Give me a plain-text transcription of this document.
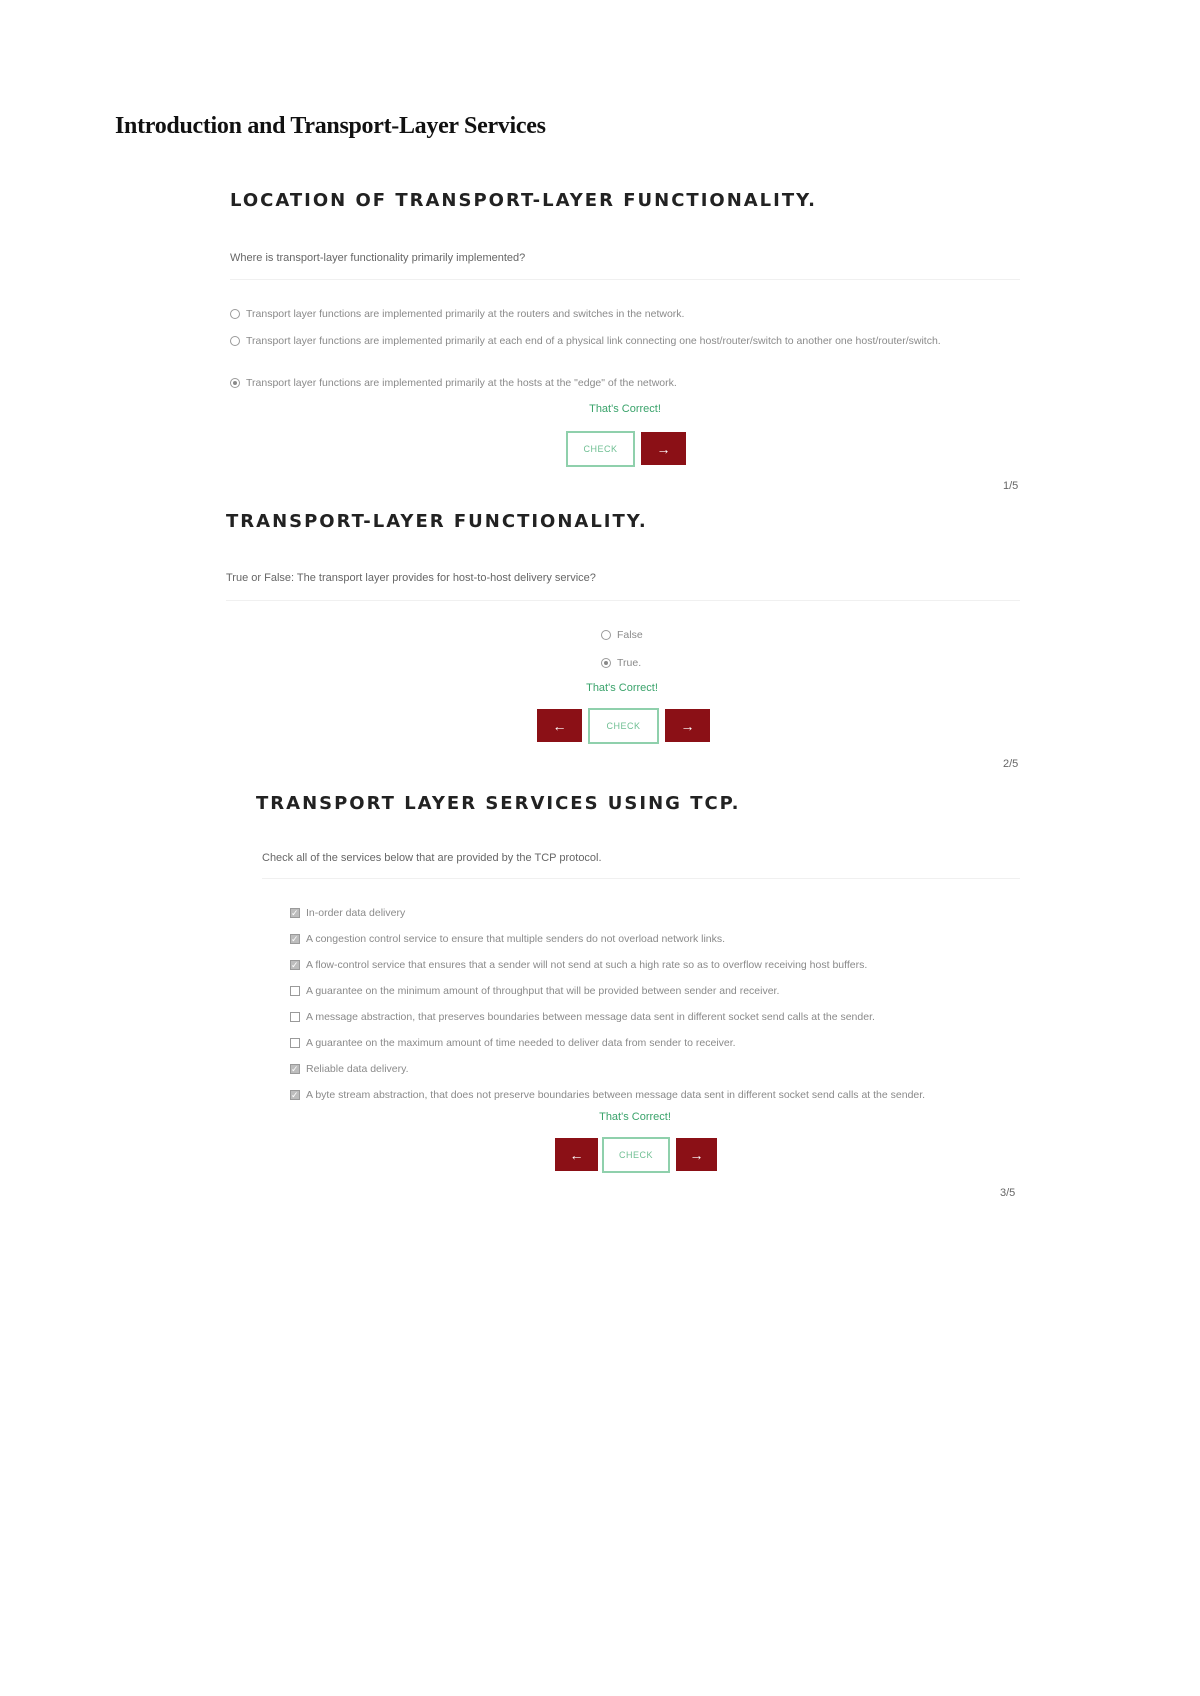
Introduction and Transport-Layer Services
LOCATION OF TRANSPORT-LAYER FUNCTIONALITY.
Where is transport-layer functionality primarily implemented?
Transport layer functions are implemented primarily at the routers and switches in the network.
Transport layer functions are implemented primarily at each end of a physical link connecting one host/router/switch to another one host/router/switch.
Transport layer functions are implemented primarily at the hosts at the "edge" of the network.
That's Correct!
CHECK	→
1/5
TRANSPORT-LAYER FUNCTIONALITY.
True or False: The transport layer provides for host-to-host delivery service?
False
True.
That's Correct!
←	CHECK	→
2/5
TRANSPORT LAYER SERVICES USING TCP.
Check all of the services below that are provided by the TCP protocol.
✓
In-order data delivery
✓
A congestion control service to ensure that multiple senders do not overload network links.
✓
A flow-control service that ensures that a sender will not send at such a high rate so as to overflow receiving host buffers.
A guarantee on the minimum amount of throughput that will be provided between sender and receiver.
A message abstraction, that preserves boundaries between message data sent in different socket send calls at the sender.
A guarantee on the maximum amount of time needed to deliver data from sender to receiver.
✓
Reliable data delivery.
✓
A byte stream abstraction, that does not preserve boundaries between message data sent in different socket send calls at the sender.
That's Correct!
←	CHECK	→
3/5
